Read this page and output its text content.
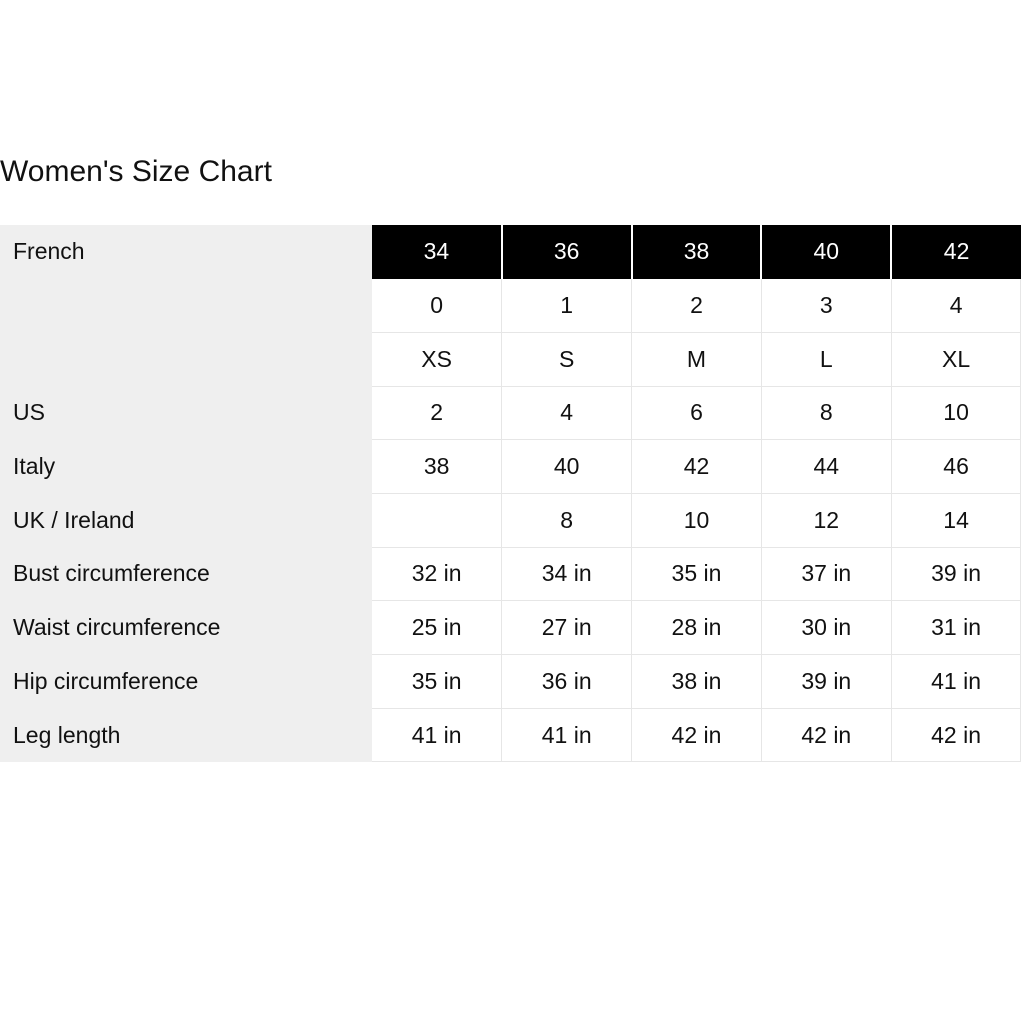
Women's Size Chart
French	34	36	38	40	42
	0	1	2	3	4
	XS	S	M	L	XL
US	2	4	6	8	10
Italy	38	40	42	44	46
UK / Ireland		8	10	12	14
Bust circumference	32 in	34 in	35 in	37 in	39 in
Waist circumference	25 in	27 in	28 in	30 in	31 in
Hip circumference	35 in	36 in	38 in	39 in	41 in
Leg length	41 in	41 in	42 in	42 in	42 in
